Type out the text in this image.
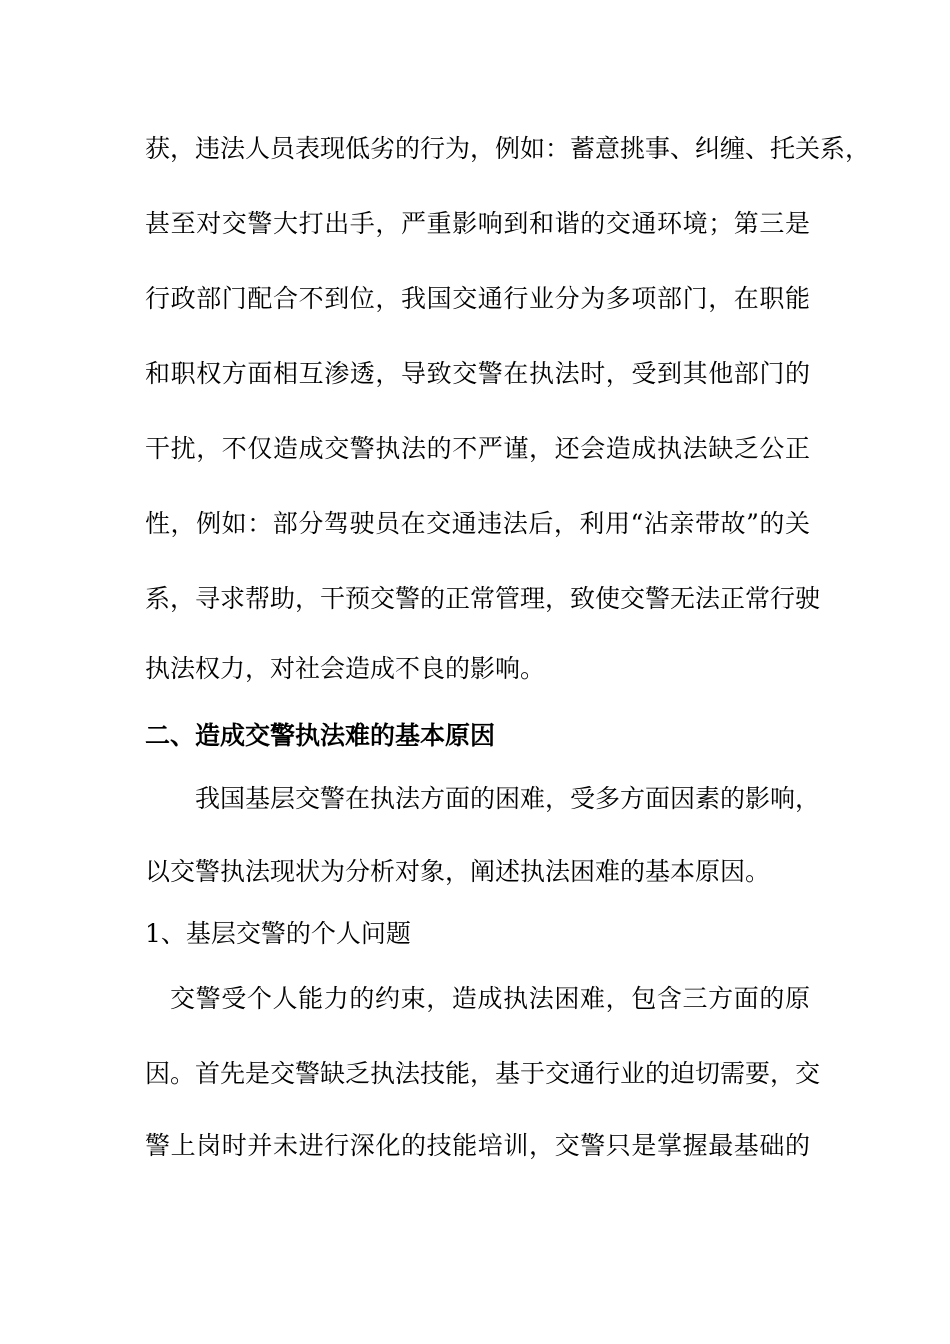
获，违法人员表现低劣的行为，例如：蓄意挑事、纠缠、托关系，
甚至对交警大打出手，严重影响到和谐的交通环境；第三是
行政部门配合不到位，我国交通行业分为多项部门，在职能
和职权方面相互渗透，导致交警在执法时，受到其他部门的
干扰，不仅造成交警执法的不严谨，还会造成执法缺乏公正
性，例如：部分驾驶员在交通违法后，利用“沾亲带故”的关
系，寻求帮助，干预交警的正常管理，致使交警无法正常行驶
执法权力，对社会造成不良的影响。
二、造成交警执法难的基本原因
我国基层交警在执法方面的困难，受多方面因素的影响，
以交警执法现状为分析对象，阐述执法困难的基本原因。
1、基层交警的个人问题
交警受个人能力的约束，造成执法困难，包含三方面的原
因。首先是交警缺乏执法技能，基于交通行业的迫切需要，交
警上岗时并未进行深化的技能培训，交警只是掌握最基础的
